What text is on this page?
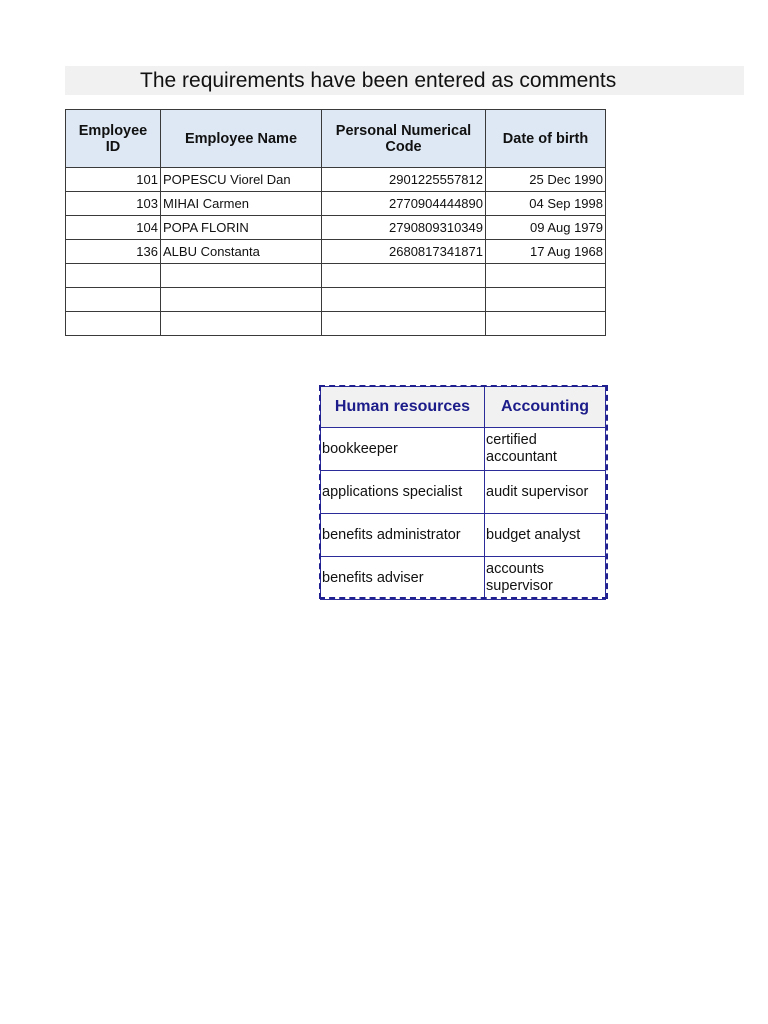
The requirements have been entered as comments
Employee ID	Employee Name	Personal Numerical Code	Date of birth
101	POPESCU Viorel Dan	2901225557812	25 Dec 1990
103	MIHAI Carmen	2770904444890	04 Sep 1998
104	POPA FLORIN	2790809310349	09 Aug 1979
136	ALBU Constanta	2680817341871	17 Aug 1968

Human resources	Accounting
bookkeeper	certified accountant
applications specialist	audit supervisor
benefits administrator	budget analyst
benefits adviser	accounts supervisor
